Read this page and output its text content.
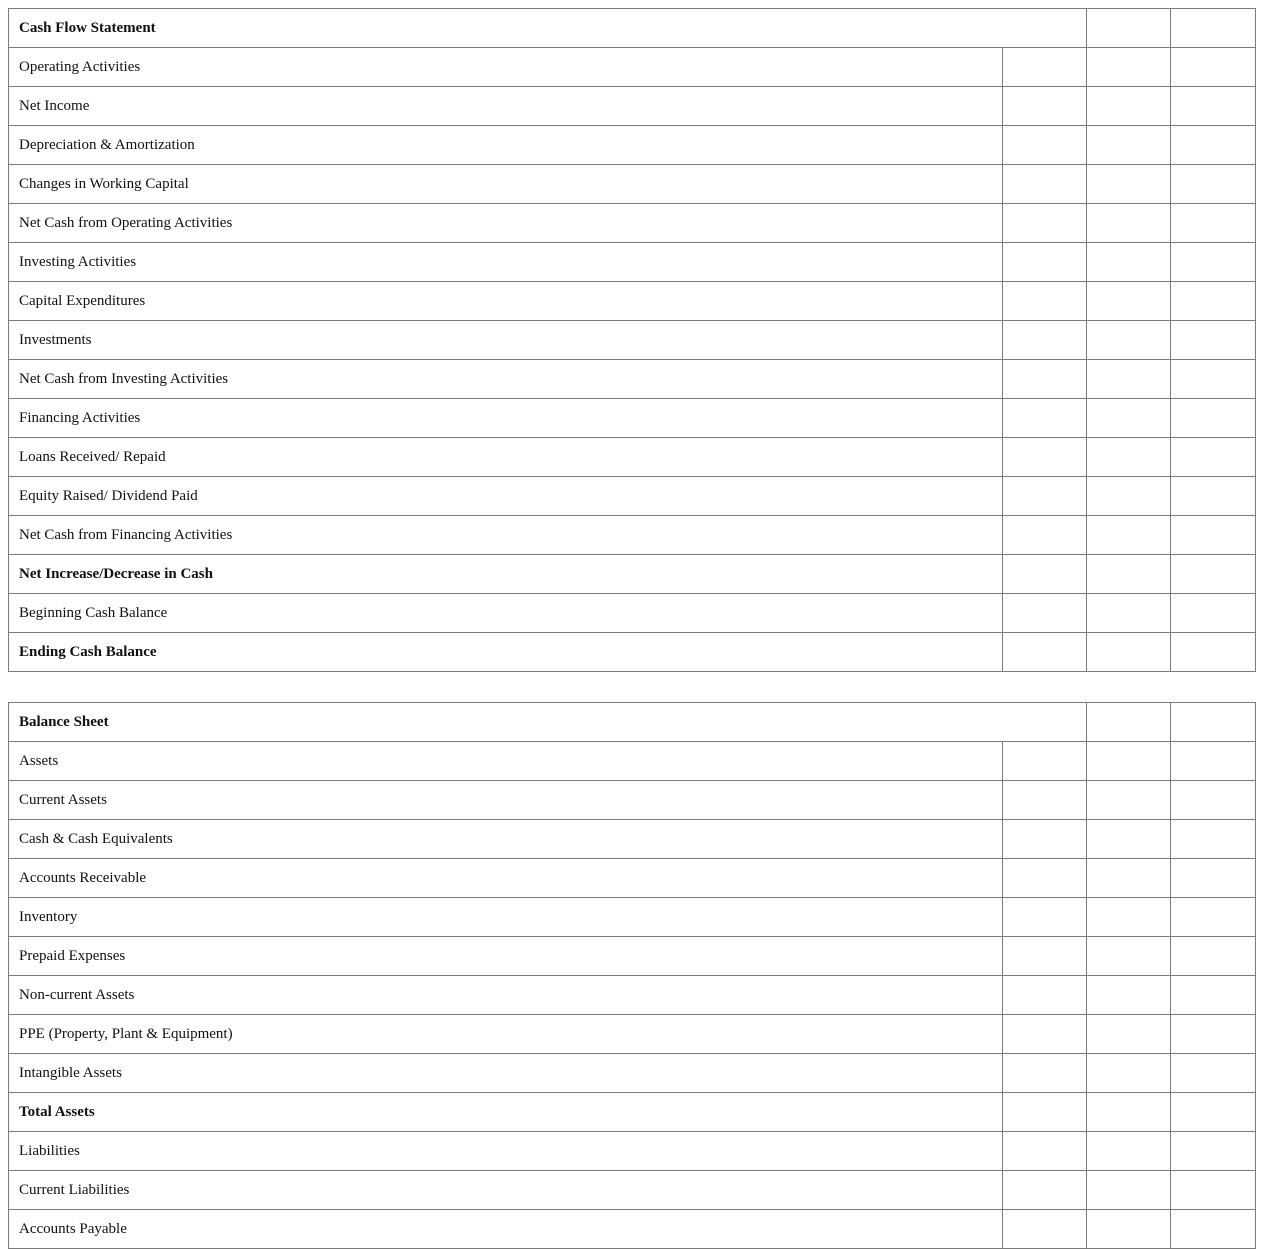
Cash Flow Statement			
Operating Activities			
Net Income			
Depreciation & Amortization			
Changes in Working Capital			
Net Cash from Operating Activities			
Investing Activities			
Capital Expenditures			
Investments			
Net Cash from Investing Activities			
Financing Activities			
Loans Received/ Repaid			
Equity Raised/ Dividend Paid			
Net Cash from Financing Activities			
Net Increase/Decrease in Cash			
Beginning Cash Balance			
Ending Cash Balance			
Balance Sheet			
Assets			
Current Assets			
Cash & Cash Equivalents			
Accounts Receivable			
Inventory			
Prepaid Expenses			
Non-current Assets			
PPE (Property, Plant & Equipment)			
Intangible Assets			
Total Assets			
Liabilities			
Current Liabilities			
Accounts Payable			
